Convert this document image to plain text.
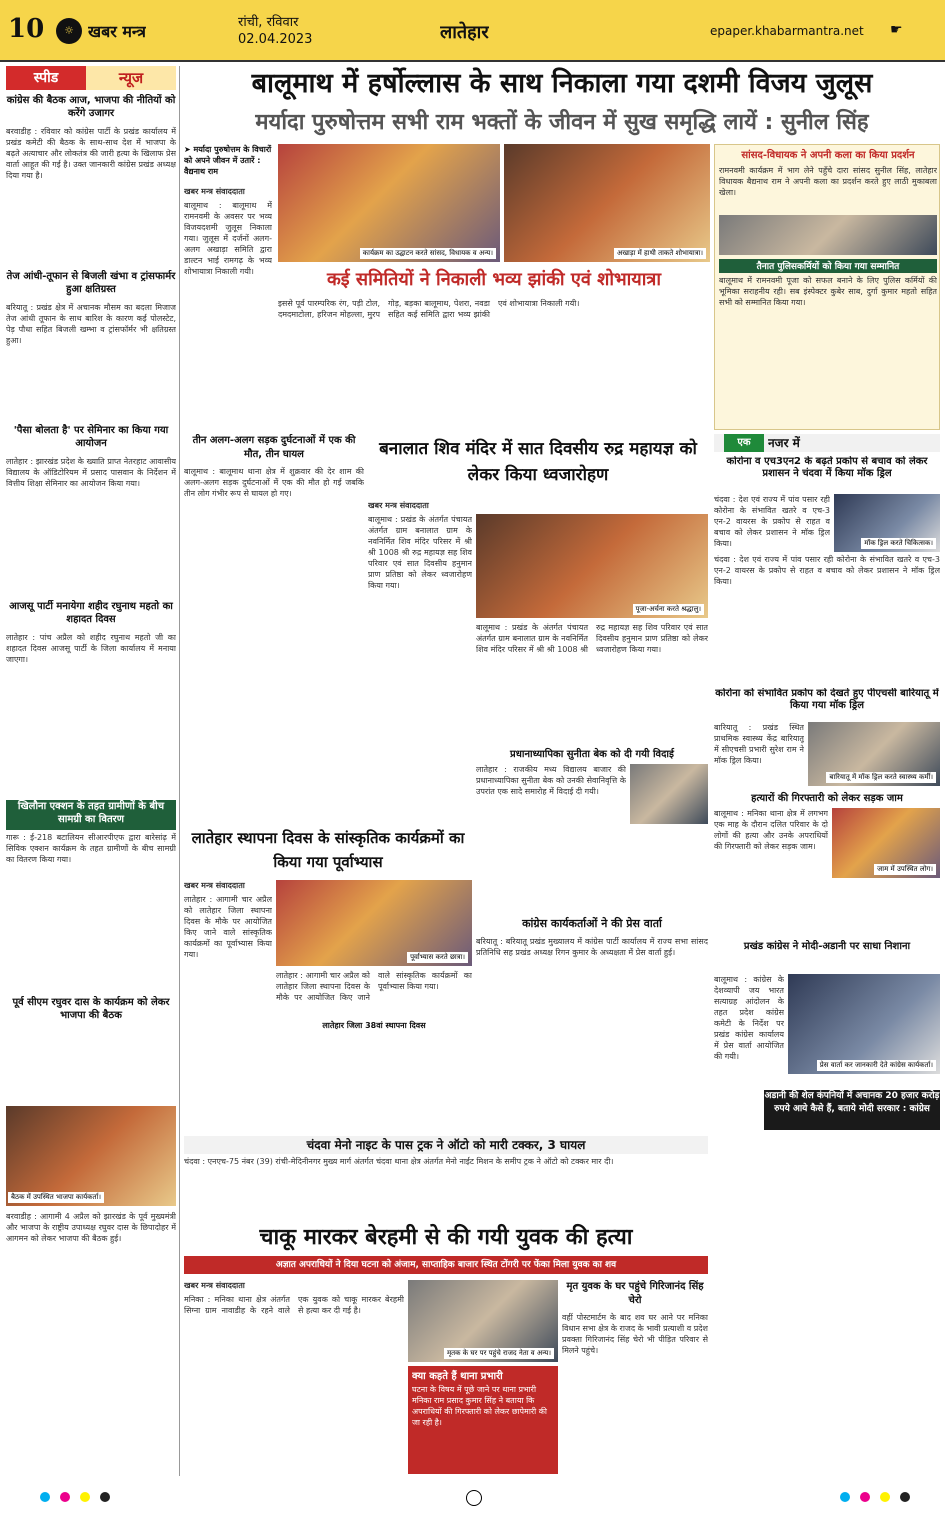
10	☼ खबर मन्त्र	रांची, रविवार
02.04.2023	लातेहार	epaper.khabarmantra.net ☛
स्पीड	न्यूज
कांग्रेस की बैठक आज, भाजपा की नीतियों को करेंगे उजागर
बरवाडीह : रविवार को कांग्रेस पार्टी के प्रखंड कार्यालय में प्रखंड कमेटी की बैठक के साथ-साथ देश में भाजपा के बढ़ते अत्याचार और लोकतंत्र की जारी हत्या के खिलाफ प्रेस वार्ता आहूत की गई है। उक्त जानकारी कांग्रेस प्रखंड अध्यक्ष दिया गया है।
तेज आंधी-तूफान से बिजली खंभा व ट्रांसफार्मर हुआ क्षतिग्रस्त
बरियातू : प्रखंड क्षेत्र में अचानक मौसम का बदला मिजाज तेज आंधी तूफान के साथ बारिश के कारण कई पोलस्टेट, पेड़ पौधा सहित बिजली खम्भा व ट्रांसफॉर्मर भी क्षतिग्रस्त हुआ।
'पैसा बोलता है' पर सेमिनार का किया गया आयोजन
लातेहार : झारखंड प्रदेश के ख्याति प्राप्त नेतरहाट आवासीय विद्यालय के ऑडिटोरियम में प्रसाद पासवान के निर्देशन में वित्तीय शिक्षा सेमिनार का आयोजन किया गया।
आजसू पार्टी मनायेगा शहीद रघुनाथ महतो का शहादत दिवस
लातेहार : पांच अप्रैल को शहीद रघुनाथ महतो जी का शहादत दिवस आजसू पार्टी के जिला कार्यालय में मनाया जाएगा।
खिलौना एक्शन के तहत ग्रामीणों के बीच सामग्री का वितरण
गारू : ई-218 बटालियन सीआरपीएफ द्वारा बारेसांढ़ में सिविक एक्शन कार्यक्रम के तहत ग्रामीणों के बीच सामग्री का वितरण किया गया।
पूर्व सीएम रघुवर दास के कार्यक्रम को लेकर भाजपा की बैठक
बैठक में उपस्थित भाजपा कार्यकर्ता।
बरवाडीह : आगामी 4 अप्रैल को झारखंड के पूर्व मुख्यमंत्री और भाजपा के राष्ट्रीय उपाध्यक्ष रघुवर दास के छिपादोहर में आगमन को लेकर भाजपा की बैठक हुई।
बालूमाथ में हर्षोल्लास के साथ निकाला गया दशमी विजय जुलूस
मर्यादा पुरुषोत्तम सभी राम भक्तों के जीवन में सुख समृद्धि लायें : सुनील सिंह
➤ मर्यादा पुरुषोत्तम के विचारों को अपने जीवन में उतारें : वैद्यनाथ राम
खबर मन्त्र संवाददाता
बालूमाथ : बालूमाथ में रामनवमी के अवसर पर भव्य विजयदशमी जुलूस निकाला गया। जुलूस में दर्जनों अलग-अलग अखाड़ा समिति द्वारा डाल्टन भाई रामगढ़ के भव्य शोभायात्रा निकाली गयी।
कार्यक्रम का उद्घाटन करते सांसद, विधायक व अन्य।	अखाड़ा में हाथी ताकते शोभायात्रा।
कई समितियों ने निकाली भव्य झांकी एवं शोभायात्रा
इससे पूर्व पारम्परिक रंग, पड़ी टोल, दमदमाटोला, हरिजन मोहल्ला, मुरप गोड़, बड़का बालूमाथ, पेशरा, नवडा सहित कई समिति द्वारा भव्य झांकी एवं शोभायात्रा निकाली गयी।
सांसद-विधायक ने अपनी कला का किया प्रदर्शन
रामनवमी कार्यक्रम में भाग लेने पहुँचे दारा सांसद सुनील सिंह, लातेहार विधायक बैद्यनाथ राम ने अपनी कला का प्रदर्शन करते हुए लाठी मुकाबला खेला।
तैनात पुलिसकर्मियों को किया गया सम्मानित
बालूमाथ में रामनवमी पूजा को सफल बनाने के लिए पुलिस कर्मियों की भूमिका सराहनीय रही। सब इंस्पेक्टर कुबेर साब, दुर्गा कुमार महतो सहित सभी को सम्मानित किया गया।
तीन अलग-अलग सड़क दुर्घटनाओं में एक की मौत, तीन घायल
बालूमाथ : बालूमाथ थाना क्षेत्र में शुक्रवार की देर शाम की अलग-अलग सड़क दुर्घटनाओं में एक की मौत हो गई जबकि तीन लोग गंभीर रूप से घायल हो गए।
बनालात शिव मंदिर में सात दिवसीय रुद्र महायज्ञ को लेकर किया ध्वजारोहण
खबर मन्त्र संवाददाता
बालूमाथ : प्रखंड के अंतर्गत पंचायत अंतर्गत ग्राम बनालात ग्राम के नवनिर्मित शिव मंदिर परिसर में श्री श्री 1008 श्री रुद्र महायज्ञ सह शिव परिवार एवं सात दिवसीय हनुमान प्राण प्रतिष्ठा को लेकर ध्वजारोहण किया गया।
पूजा-अर्चना करते श्रद्धालु।
बालूमाथ : प्रखंड के अंतर्गत पंचायत अंतर्गत ग्राम बनालात ग्राम के नवनिर्मित शिव मंदिर परिसर में श्री श्री 1008 श्री रुद्र महायज्ञ सह शिव परिवार एवं सात दिवसीय हनुमान प्राण प्रतिष्ठा को लेकर ध्वजारोहण किया गया।
प्रधानाध्यापिका सुनीता बेक को दी गयी विदाई
लातेहार : राजकीय मध्य विद्यालय बाजार की प्रधानाध्यापिका सुनीता बेक को उनकी सेवानिवृत्ति के उपरांत एक सादे समारोह में विदाई दी गयी।
लातेहार स्थापना दिवस के सांस्कृतिक कार्यक्रमों का किया गया पूर्वाभ्यास
खबर मन्त्र संवाददाता
लातेहार : आगामी चार अप्रैल को लातेहार जिला स्थापना दिवस के मौके पर आयोजित किए जाने वाले सांस्कृतिक कार्यक्रमों का पूर्वाभ्यास किया गया।	पूर्वाभ्यास करते छात्रा।
लातेहार : आगामी चार अप्रैल को लातेहार जिला स्थापना दिवस के मौके पर आयोजित किए जाने वाले सांस्कृतिक कार्यक्रमों का पूर्वाभ्यास किया गया।
लातेहार जिला 38वां स्थापना दिवस
कांग्रेस कार्यकर्ताओं ने की प्रेस वार्ता
बरियातू : बरियातू प्रखंड मुख्यालय में कांग्रेस पार्टी कार्यालय में राज्य सभा सांसद प्रतिनिधि सह प्रखंड अध्यक्ष रिगन कुमार के अध्यक्षता में प्रेस वार्ता हुई।
चंदवा मेनो नाइट के पास ट्रक ने ऑटो को मारी टक्कर, 3 घायल
चंदवा : एनएच-75 नंबर (39) रांची-मेदिनीनगर मुख्य मार्ग अंतर्गत चंदवा थाना क्षेत्र अंतर्गत मेनो नाईट मिशन के समीप ट्रक ने ऑटो को टक्कर मार दी।
एक	नजर में
कोरोना व एच3एन2 के बढ़ते प्रकोप से बचाव को लेकर प्रशासन ने चंदवा में किया मॉक ड्रिल
चंदवा : देश एवं राज्य में पांव पसार रही कोरोना के संभावित खतरे व एच-3 एन-2 वायरस के प्रकोप से राहत व बचाव को लेकर प्रशासन ने मॉक ड्रिल किया।	मॉक ड्रिल करते चिकित्सक।
चंदवा : देश एवं राज्य में पांव पसार रही कोरोना के संभावित खतरे व एच-3 एन-2 वायरस के प्रकोप से राहत व बचाव को लेकर प्रशासन ने मॉक ड्रिल किया।
कोरोना को संभावित प्रकोप को देखते हुए पीएचसी बारियातू में किया गया मॉक ड्रिल
बारियातू : प्रखंड स्थित प्राथमिक स्वास्थ्य केंद्र बारियातू में सीएचसी प्रभारी सुरेश राम ने मॉक ड्रिल किया।
बारियातू में मॉक ड्रिल करते स्वास्थ्य कर्मी।
हत्यारों की गिरफ्तारी को लेकर सड़क जाम
बालूमाथ : मनिका थाना क्षेत्र में लगभग एक माह के दौरान दलित परिवार के दो लोगों की हत्या और उनके अपराधियों की गिरफ्तारी को लेकर सड़क जाम।
जाम में उपस्थित लोग।
प्रखंड कांग्रेस ने मोदी-अडानी पर साधा निशाना
बालूमाथ : कांग्रेस के देशव्यापी जय भारत सत्याग्रह आंदोलन के तहत प्रदेश कांग्रेस कमेटी के निर्देश पर प्रखंड कांग्रेस कार्यालय में प्रेस वार्ता आयोजित की गयी।
प्रेस वार्ता कर जानकारी देते कांग्रेस कार्यकर्ता।
अडानी की शेल कंपनियों में अचानक 20 हजार करोड़ रुपये आये कैसे हैं, बताये मोदी सरकार : कांग्रेस
चाकू मारकर बेरहमी से की गयी युवक की हत्या
अज्ञात अपराधियों ने दिया घटना को अंजाम, साप्ताहिक बाजार स्थित टोंगरी पर फेंका मिला युवक का शव
खबर मन्त्र संवाददाता
मनिका : मनिका थाना क्षेत्र अंतर्गत सिग्ना ग्राम नावाडीह के रहने वाले एक युवक को चाकू मारकर बेरहमी से हत्या कर दी गई है।
मृतक के घर पर पहुंचे राजद नेता व अन्य।
क्या कहते हैं थाना प्रभारी
घटना के विषय में पूछे जाने पर थाना प्रभारी मनिका राम प्रसाद कुमार सिंह ने बताया कि अपराधियों की गिरफ्तारी को लेकर छापेमारी की जा रही है।
मृत युवक के घर पहुंचे गिरिजानंद सिंह चेरो
वहीं पोस्टमार्टम के बाद शव घर आने पर मनिका विधान सभा क्षेत्र के राजद के भावी प्रत्याशी व प्रदेश प्रवक्ता गिरिजानंद सिंह चेरो भी पीड़ित परिवार से मिलने पहुंचे।
